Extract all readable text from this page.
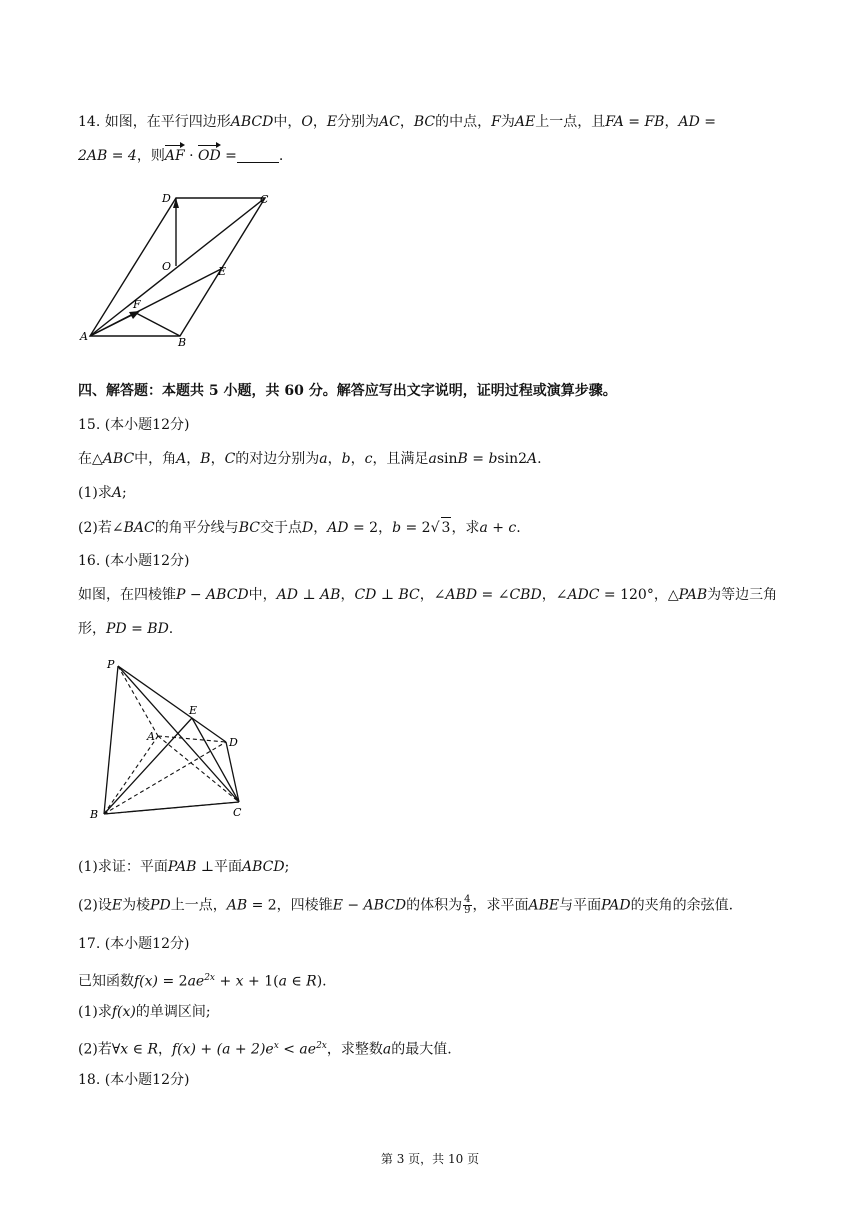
14. 如图，在平行四边形ABCD中，O，E分别为AC，BC的中点，F为AE上一点，且FA = FB，AD =
2AB = 4，则AF · OD =	.
D	C
O	E
F
A	B
四、解答题：本题共 5 小题，共 60 分。解答应写出文字说明，证明过程或演算步骤。
15. (本小题12分)
在△ABC中，角A，B，C的对边分别为a，b，c，且满足asinB = bsin2A.
(1)求A;
(2)若∠BAC的角平分线与BC交于点D，AD = 2，b = 2√ 3，求a + c.
16. (本小题12分)
如图，在四棱锥P − ABCD中，AD ⊥ AB，CD ⊥ BC，∠ABD = ∠CBD，∠ADC = 120°，△PAB为等边三角
形，PD = BD.
P
E
A	D
B	C
(1)求证：平面PAB ⊥平面ABCD;
(2)设E为棱PD上一点，AB = 2，四棱锥E − ABCD的体积为 $\frac{4}{9}$ ，求平面ABE与平面PAD的夹角的余弦值.
17. (本小题12分)
已知函数$f(x) = 2ae^{2x} + x + 1(a$ ∈ R).
(1)求f(x)的单调区间;
(2)若∀x ∈ R，$f(x) + (a + 2)e^x < ae^{2x}$，求整数a的最大值.
18. (本小题12分)
第 3 页，共 10 页
